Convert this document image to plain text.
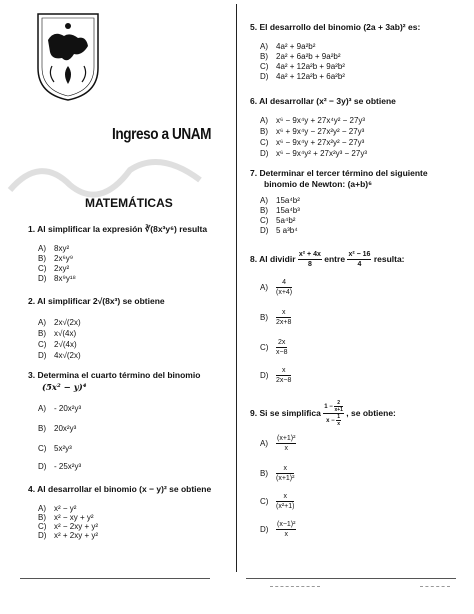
Ingreso a UNAM
MATEMÁTICAS
1. Al simplificar la expresión ∛(8x³y⁶) resulta
A) 8xy²
B) 2x⁶y⁹
C) 2xy²
D) 8x⁹y¹⁸
2. Al simplificar 2√(8x³) se obtiene
A) 2x√(2x)
B) x√(4x)
C) 2√(4x)
D) 4x√(2x)
3. Determina el cuarto término del binomio
(5x² − y)⁴
A) - 20x²y³
B) 20x²y³
C) 5x²y³
D) - 25x²y³
4. Al desarrollar el binomio (x − y)² se obtiene
A) x² − y²
B) x² − xy + y²
C) x² − 2xy + y²
D) x² + 2xy + y²
5. El desarrollo del binomio (2a + 3ab)² es:
A) 4a² + 9a²b²
B) 2a² + 6a²b + 9a²b²
C) 4a² + 12a²b + 9a²b²
D) 4a² + 12a²b + 6a²b²
6. Al desarrollar (x² − 3y)³ se obtiene
A) x⁶ − 9x⁴y + 27x⁴y² − 27y³
B) x⁶ + 9x⁴y − 27x²y² − 27y³
C) x⁶ − 9x⁴y + 27x²y² − 27y³
D) x⁶ − 9x⁴y² + 27x²y³ − 27y³
7. Determinar el tercer término del siguiente
binomio de Newton: (a+b)⁶
A) 15a⁴b²
B) 15a⁴b³
C) 5a⁴b²
D) 5 a³b⁴
8. Al dividir $\frac{\text{x² + 4x}}{8}$ entre $\frac{\text{x² − 16}}{4}$ resulta:
$A) \frac{4}{(x+4)}$
$B) \frac{x}{2x+8}$
$C) \frac{2x}{x-8}$
$D) \frac{x}{2x-8}$
9. Si se simplifica $\frac{1 - \frac{2}{x+1}}{x - \frac{1}{x}}$ , se obtiene:
$A) \frac{\text{(x+1)²}}{x}$
$B) \frac{x}{\text{(x+1)²}}$
$C) \frac{x}{\text{(x²+1)}}$
$D) \frac{\text{(x−1)²}}{x}$
